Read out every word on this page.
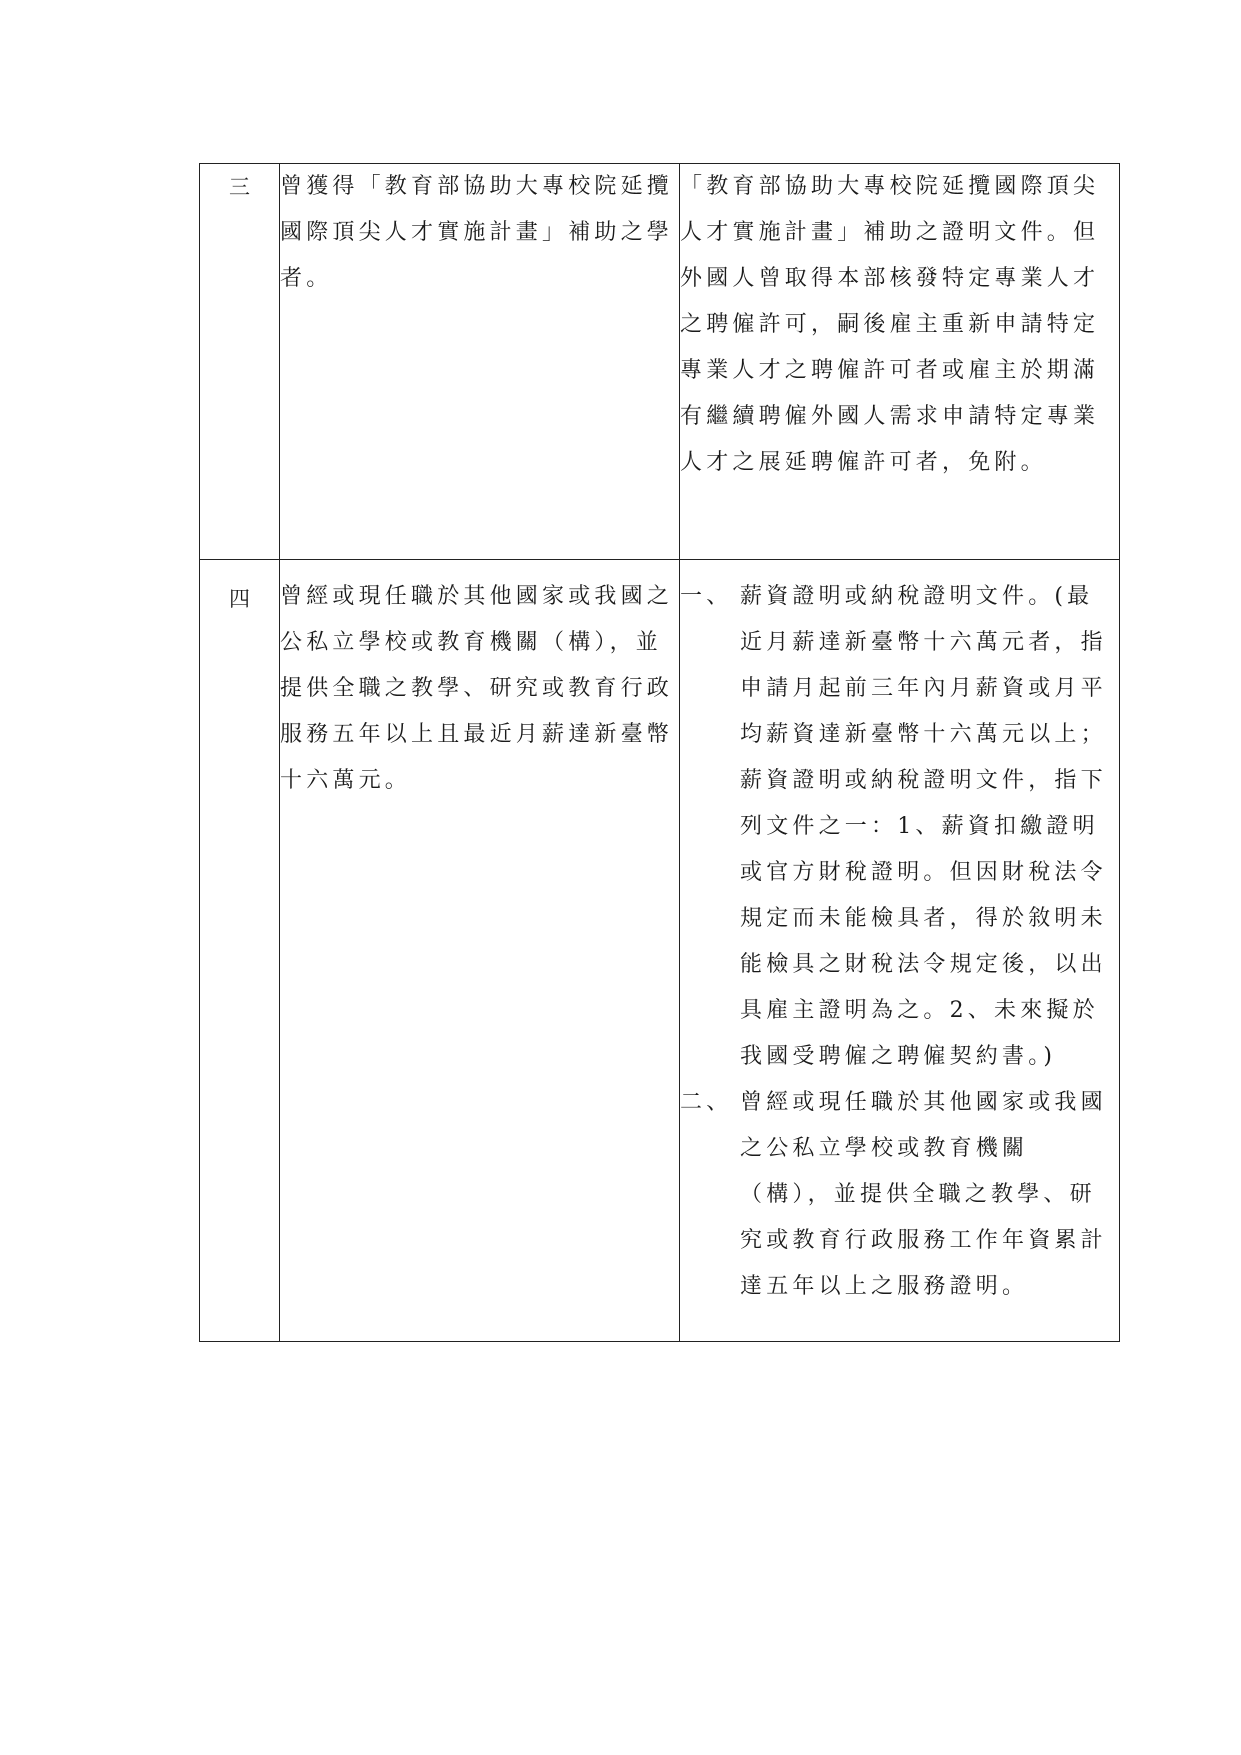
三	曾獲得「教育部協助大專校院延攬國際頂尖人才實施計畫」補助之學者。	「教育部協助大專校院延攬國際頂尖人才實施計畫」補助之證明文件。但外國人曾取得本部核發特定專業人才之聘僱許可，嗣後雇主重新申請特定專業人才之聘僱許可者或雇主於期滿有繼續聘僱外國人需求申請特定專業人才之展延聘僱許可者，免附。

四	曾經或現任職於其他國家或我國之公私立學校或教育機關（構），並提供全職之教學、研究或教育行政服務五年以上且最近月薪達新臺幣十六萬元。	一、 薪資證明或納稅證明文件。(最近月薪達新臺幣十六萬元者，指申請月起前三年內月薪資或月平均薪資達新臺幣十六萬元以上；薪資證明或納稅證明文件，指下列文件之一：1、薪資扣繳證明或官方財稅證明。但因財稅法令規定而未能檢具者，得於敘明未能檢具之財稅法令規定後，以出具雇主證明為之。2、未來擬於我國受聘僱之聘僱契約書。)
二、 曾經或現任職於其他國家或我國之公私立學校或教育機關（構），並提供全職之教學、研究或教育行政服務工作年資累計達五年以上之服務證明。
